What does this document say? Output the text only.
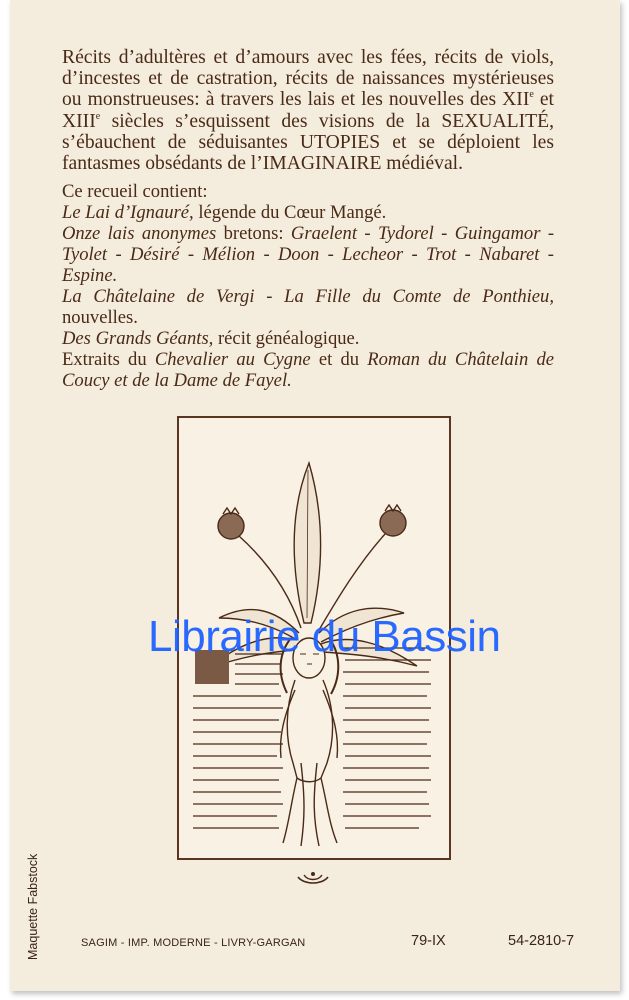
Récits d’adultères et d’amours avec les fées, récits de viols, d’incestes et de castration, récits de naissances mystérieuses ou monstrueuses: à travers les lais et les nouvelles des XIIe et XIIIe siècles s’esquissent des visions de la SEXUALITÉ, s’ébauchent de séduisantes UTOPIES et se déploient les fantasmes obsédants de l’IMAGINAIRE médiéval.

Ce recueil contient:
Le Lai d’Ignauré, légende du Cœur Mangé.
Onze lais anonymes bretons: Graelent - Tydorel - Guingamor - Tyolet - Désiré - Mélion - Doon - Lecheor - Trot - Nabaret - Espine.
La Châtelaine de Vergi - La Fille du Comte de Ponthieu, nouvelles.
Des Grands Géants, récit généalogique.
Extraits du Chevalier au Cygne et du Roman du Châtelain de Coucy et de la Dame de Fayel.
Librairie du Bassin
Maquette Fabstock	SAGIM - IMP. MODERNE - LIVRY-GARGAN	79-IX	54-2810-7
